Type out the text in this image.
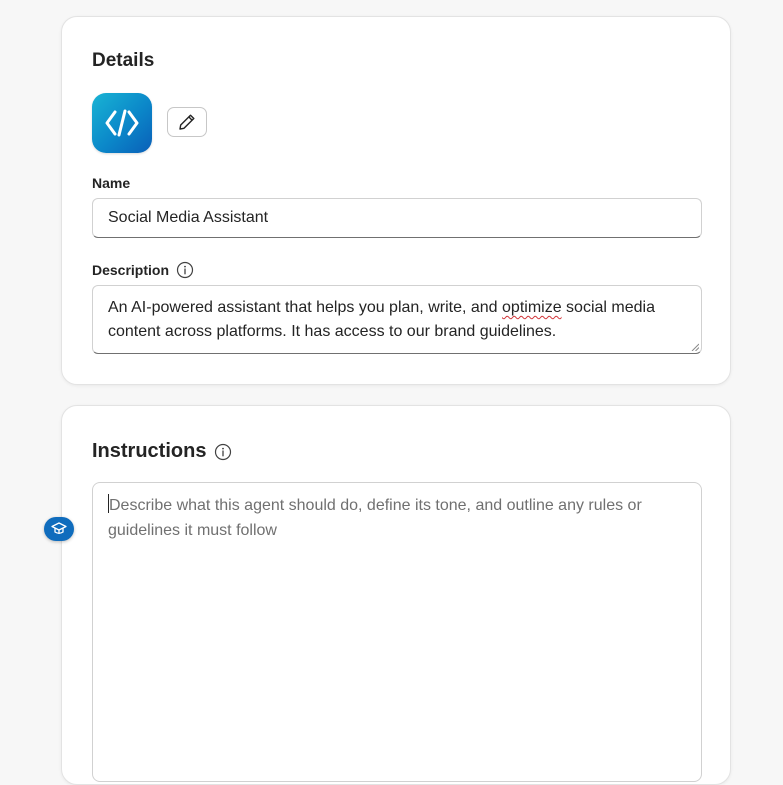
Details
Name
Social Media Assistant
Description
An AI-powered assistant that helps you plan, write, and optimize social media content across platforms. It has access to our brand guidelines.
Instructions
Describe what this agent should do, define its tone, and outline any rules or guidelines it must follow
